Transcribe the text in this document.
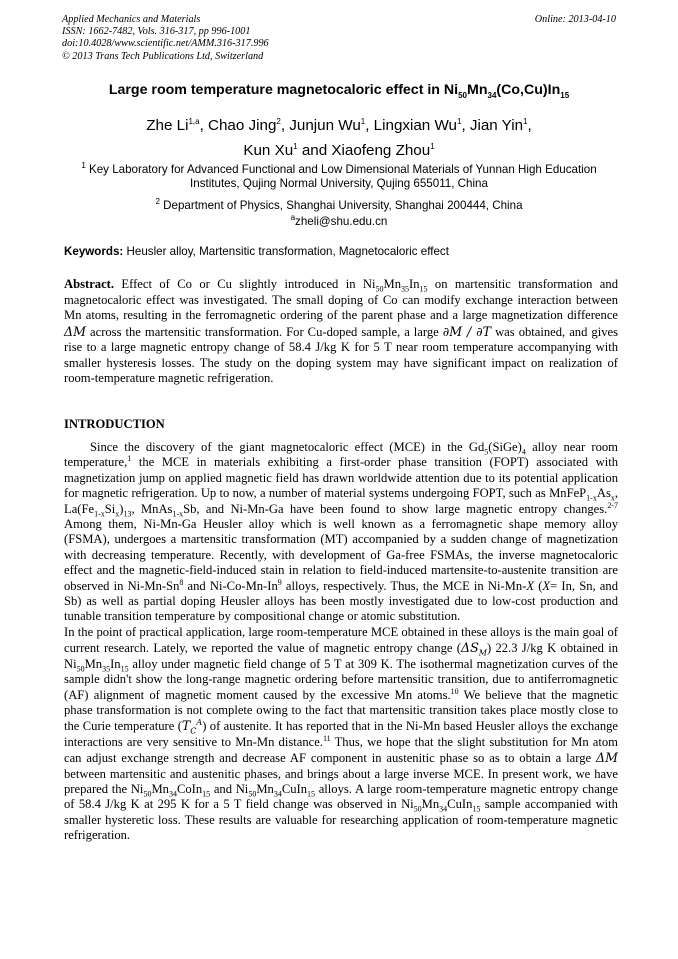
Applied Mechanics and Materials
ISSN: 1662-7482, Vols. 316-317, pp 996-1001
doi:10.4028/www.scientific.net/AMM.316-317.996
© 2013 Trans Tech Publications Ltd, Switzerland
Online: 2013-04-10
Large room temperature magnetocaloric effect in $Ni_{50}Mn_{34}(Co,Cu)In_{15}$
Zhe Li$^{1,a}$, Chao Jing$^2$, Junjun Wu$^1$, Lingxian Wu$^1$, Jian Yin$^1$,
Kun Xu$^1$ and Xiaofeng Zhou$^1$
$^1$ Key Laboratory for Advanced Functional and Low Dimensional Materials of Yunnan High Education
Institutes, Qujing Normal University, Qujing 655011, China
$^2$ Department of Physics, Shanghai University, Shanghai 200444, China
$^a$zheli@shu.edu.cn
Keywords: Heusler alloy, Martensitic transformation, Magnetocaloric effect
Abstract. Effect of Co or Cu slightly introduced in $Ni_{50}Mn_{35}In_{15}$ on martensitic transformation and magnetocaloric effect was investigated. The small doping of Co can modify exchange interaction between Mn atoms, resulting in the ferromagnetic ordering of the parent phase and a large magnetization difference ΔM across the martensitic transformation. For Cu-doped sample, a large ∂M / ∂T was obtained, and gives rise to a large magnetic entropy change of 58.4 J/kg K for 5 T near room temperature accompanying with smaller hysteresis losses. The study on the doping system may have significant impact on realization of room-temperature magnetic refrigeration.
INTRODUCTION

Since the discovery of the giant magnetocaloric effect (MCE) in the $Gd_5(SiGe)_4$ alloy near room temperature,$^1$ the MCE in materials exhibiting a first-order phase transition (FOPT) associated with magnetization jump on applied magnetic field has drawn worldwide attention due to its potential application for magnetic refrigeration. Up to now, a number of material systems undergoing FOPT, such as $MnFeP_{1-x}As_x$, $La(Fe_{1-x}Si_x)_{13}$, MnAs$_{1-x}$Sb, and Ni-Mn-Ga have been found to show large magnetic entropy changes.$^{2-7}$ Among them, Ni-Mn-Ga Heusler alloy which is well known as a ferromagnetic shape memory alloy (FSMA), undergoes a martensitic transformation (MT) accompanied by a sudden change of magnetization with decreasing temperature. Recently, with development of Ga-free FSMAs, the inverse magnetocaloric effect and the magnetic-field-induced stain in relation to field-induced martensite-to-austenite transition are observed in Ni-Mn-Sn$^8$ and Ni-Co-Mn-In$^9$ alloys, respectively. Thus, the MCE in Ni-Mn-X (X= In, Sn, and Sb) as well as partial doping Heusler alloys has been mostly investigated due to low-cost production and tunable transition temperature by compositional change or atomic substitution.

In the point of practical application, large room-temperature MCE obtained in these alloys is the main goal of current research. Lately, we reported the value of magnetic entropy change $(\Delta S_M)$ 22.3 J/kg K obtained in $Ni_{50}Mn_{35}In_{15}$ alloy under magnetic field change of 5 T at 309 K. The isothermal magnetization curves of the sample didn't show the long-range magnetic ordering before martensitic transition, due to antiferromagnetic (AF) alignment of magnetic moment caused by the excessive Mn atoms.$^{10}$ We believe that the magnetic phase transformation is not complete owing to the fact that martensitic transition takes place mostly close to the Curie temperature $(T_C^A)$ of austenite. It has reported that in the Ni-Mn based Heusler alloys the exchange interactions are very sensitive to Mn-Mn distance.$^{11}$ Thus, we hope that the slight substitution for Mn atom can adjust exchange strength and decrease AF component in austenitic phase so as to obtain a large ΔM between martensitic and austenitic phases, and brings about a large inverse MCE. In present work, we have prepared the $Ni_{50}Mn_{34}CoIn_{15}$ and $Ni_{50}Mn_{34}CuIn_{15}$ alloys. A large room-temperature magnetic entropy change of 58.4 J/kg K at 295 K for a 5 T field change was observed in $Ni_{50}Mn_{34}CuIn_{15}$ sample accompanied with smaller hysteretic loss. These results are valuable for researching application of room-temperature magnetic refrigeration.
